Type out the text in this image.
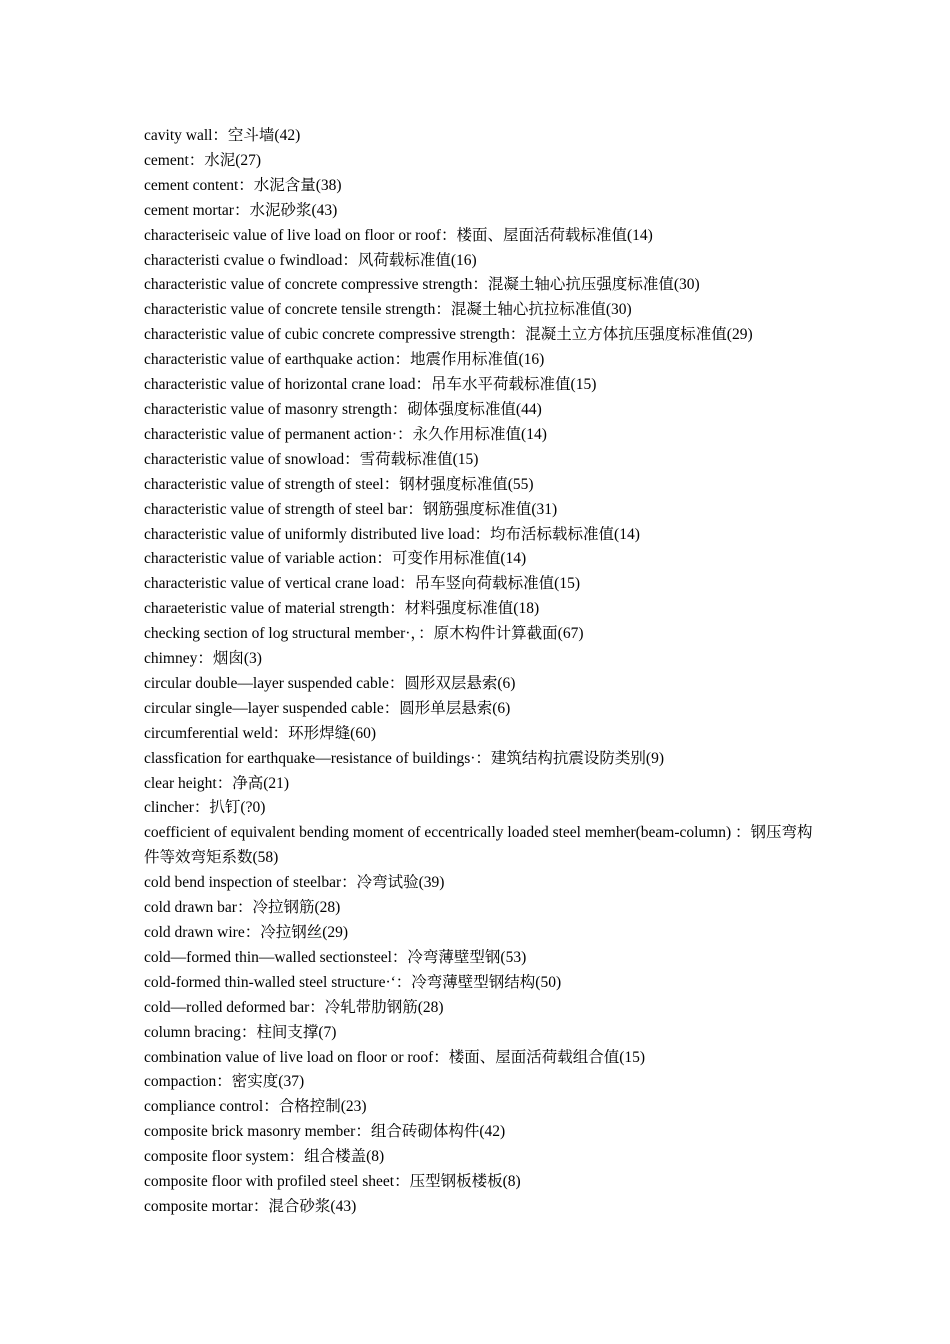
cavity wall：空斗墙(42)
cement：水泥(27)
cement content：水泥含量(38)
cement mortar：水泥砂浆(43)
characteriseic value of live load on floor or roof：楼面、屋面活荷载标准值(14)
characteristi cvalue o fwindload：风荷载标准值(16)
characteristic value of concrete compressive strength：混凝土轴心抗压强度标准值(30)
characteristic value of concrete tensile strength：混凝土轴心抗拉标准值(30)
characteristic value of cubic concrete compressive strength：混凝土立方体抗压强度标准值(29)
characteristic value of earthquake action：地震作用标准值(16)
characteristic value of horizontal crane load：吊车水平荷载标准值(15)
characteristic value of masonry strength：砌体强度标准值(44)
characteristic value of permanent action·：永久作用标准值(14)
characteristic value of snowload：雪荷载标准值(15)
characteristic value of strength of steel：钢材强度标准值(55)
characteristic value of strength of steel bar：钢筋强度标准值(31)
characteristic value of uniformly distributed live load：均布活标载标准值(14)
characteristic value of variable action：可变作用标准值(14)
characteristic value of vertical crane load：吊车竖向荷载标准值(15)
charaeteristic value of material strength：材料强度标准值(18)
checking section of log structural member·，：原木构件计算截面(67)
chimney：烟囱(3)
circular double—layer suspended cable：圆形双层悬索(6)
circular single—layer suspended cable：圆形单层悬索(6)
circumferential weld：环形焊缝(60)
classfication for earthquake—resistance of buildings·：建筑结构抗震设防类别(9)
clear height：净高(21)
clincher：扒钉(?0)
coefficient of equivalent bending moment of eccentrically loaded steel memher(beam-column) ：钢压弯构件等效弯矩系数(58)
cold bend inspection of steelbar：冷弯试验(39)
cold drawn bar：冷拉钢筋(28)
cold drawn wire：冷拉钢丝(29)
cold—formed thin—walled sectionsteel：冷弯薄壁型钢(53)
cold-formed thin-walled steel structure·‘：冷弯薄壁型钢结构(50)
cold—rolled deformed bar：冷轧带肋钢筋(28)
column bracing：柱间支撑(7)
combination value of live load on floor or roof：楼面、屋面活荷载组合值(15)
compaction：密实度(37)
compliance control：合格控制(23)
composite brick masonry member：组合砖砌体构件(42)
composite floor system：组合楼盖(8)
composite floor with profiled steel sheet：压型钢板楼板(8)
composite mortar：混合砂浆(43)
